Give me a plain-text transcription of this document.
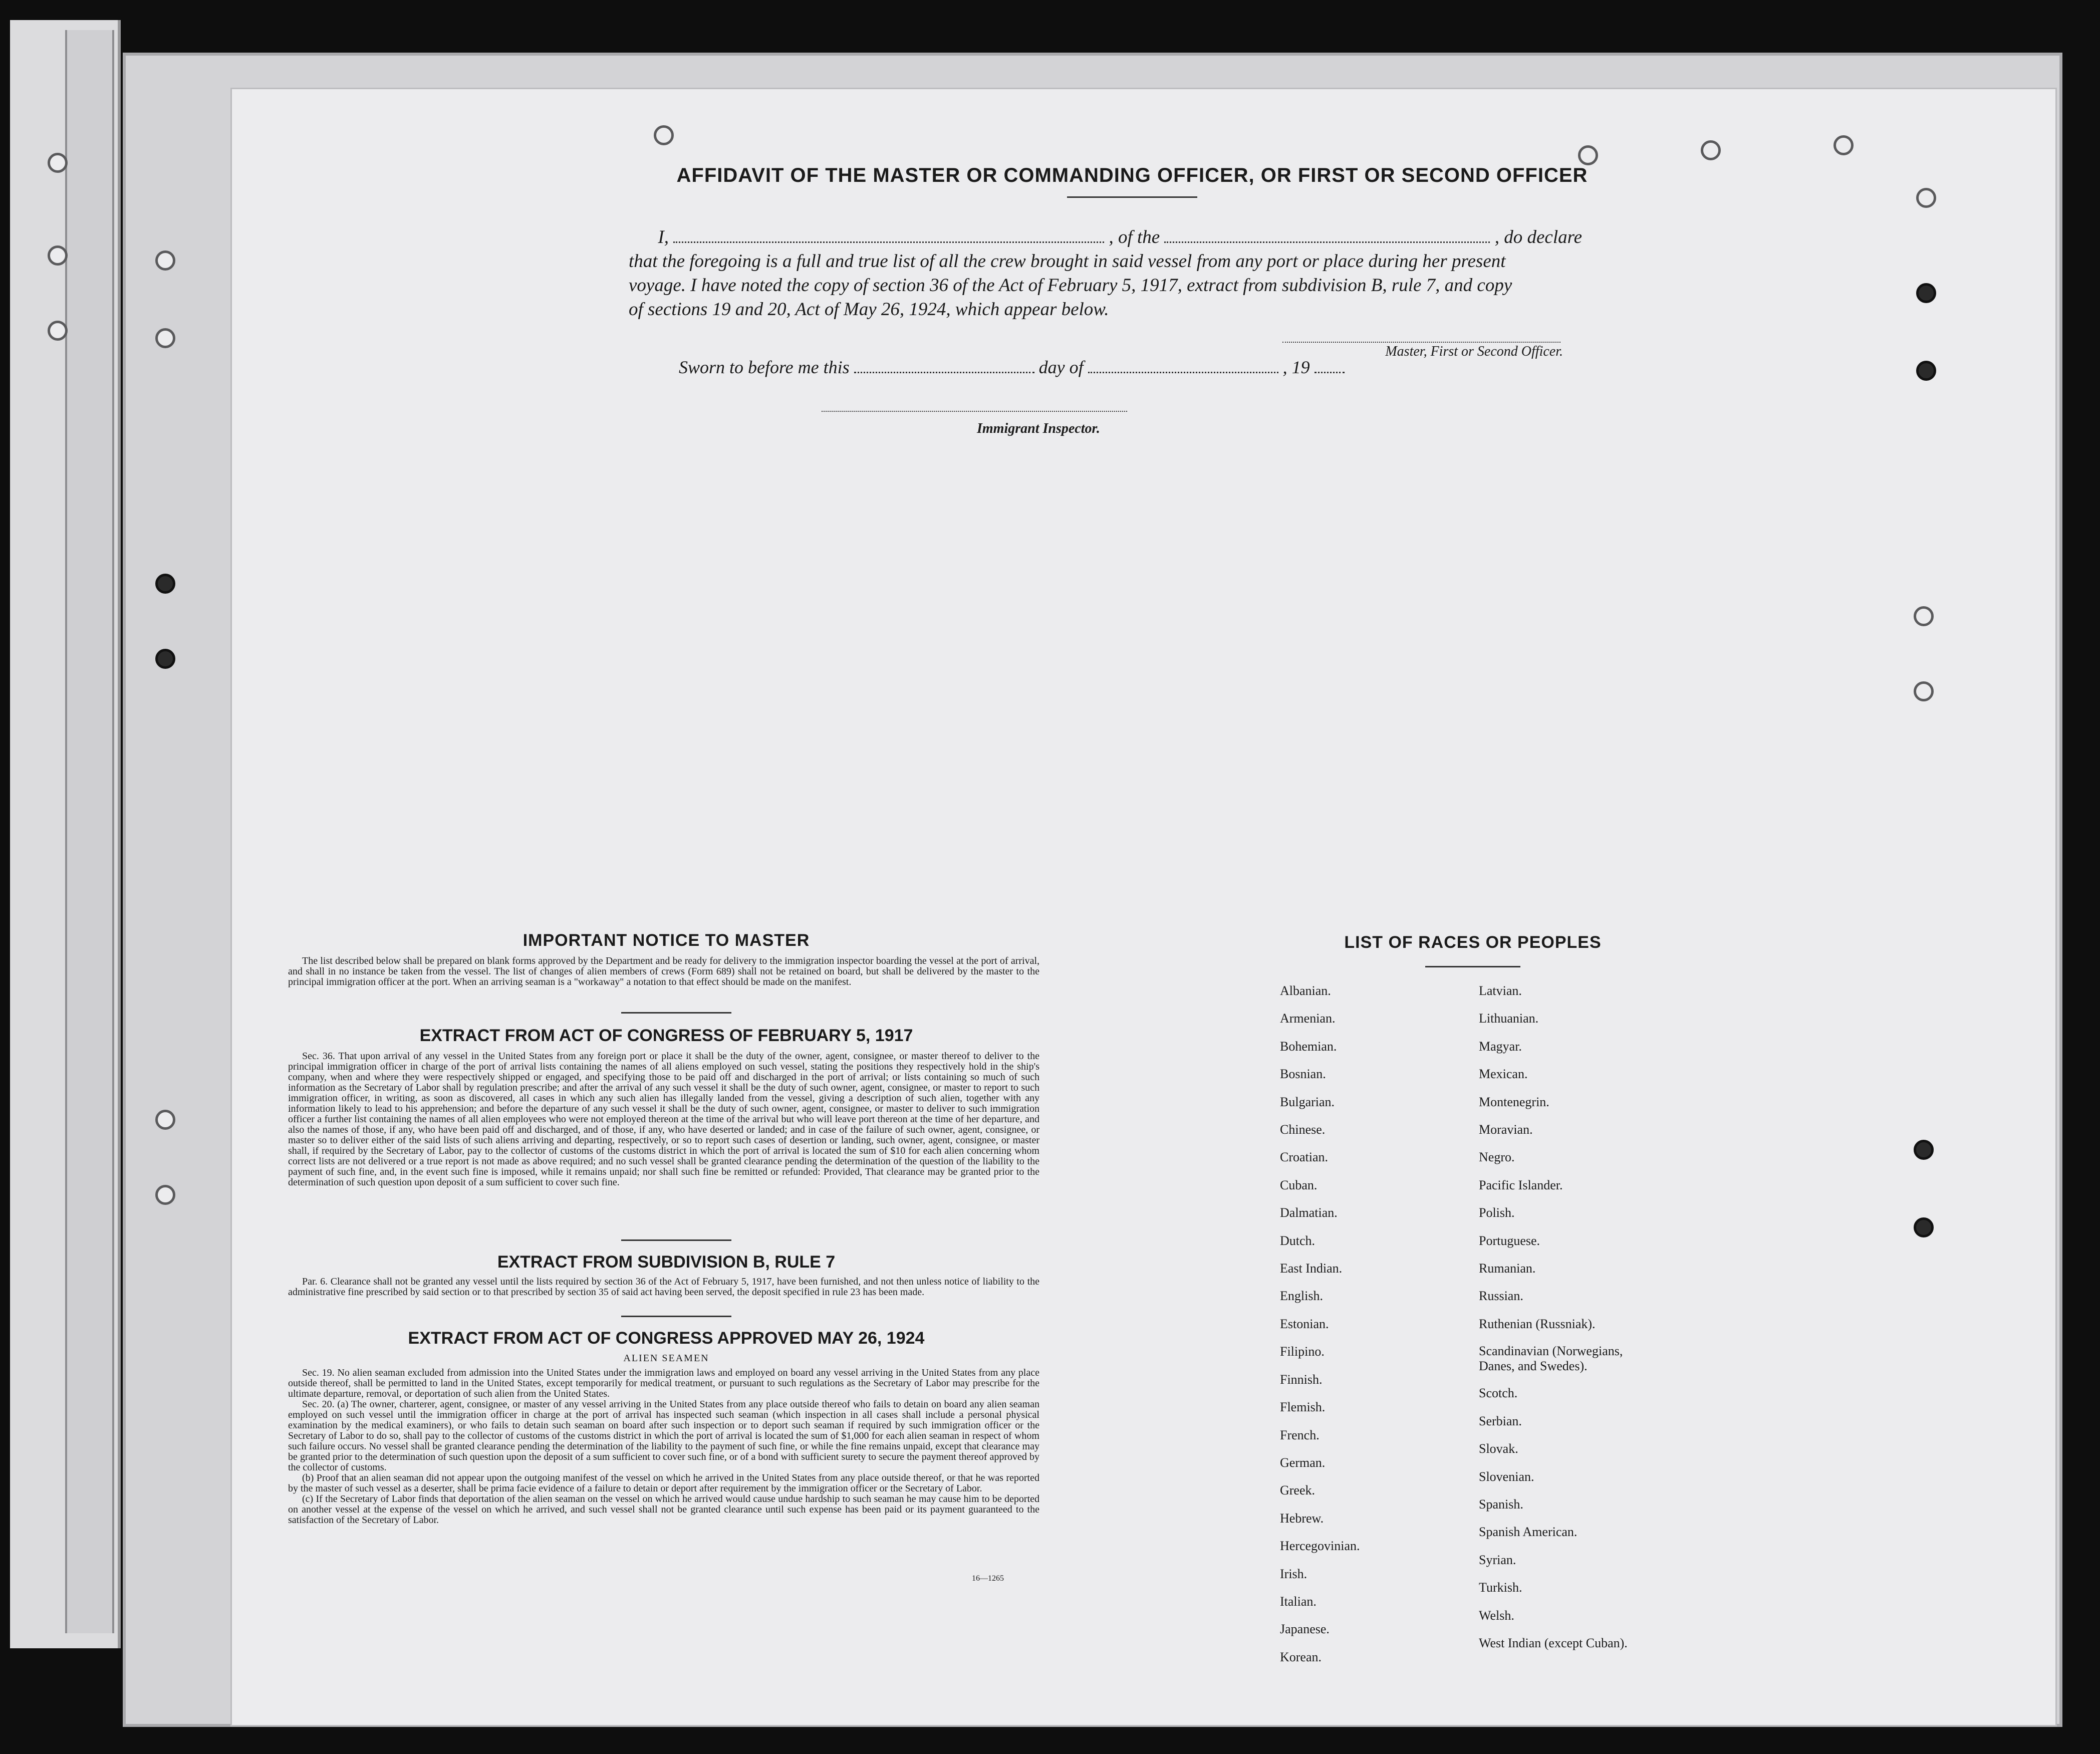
AFFIDAVIT OF THE MASTER OR COMMANDING OFFICER, OR FIRST OR SECOND OFFICER
I,	, of the	, do declare
that the foregoing is a full and true list of all the crew brought in said vessel from any port or place during her present
voyage. I have noted the copy of section 36 of the Act of February 5, 1917, extract from subdivision B, rule 7, and copy
of sections 19 and 20, Act of May 26, 1924, which appear below.
Master, First or Second Officer.
Sworn to before me this	day of	, 19
Immigrant Inspector.
IMPORTANT NOTICE TO MASTER

The list described below shall be prepared on blank forms approved by the Department and be ready for delivery to the immigration inspector boarding the vessel at the port of arrival, and shall in no instance be taken from the vessel. The list of changes of alien members of crews (Form 689) shall not be retained on board, but shall be delivered by the master to the principal immigration officer at the port. When an arriving seaman is a "workaway" a notation to that effect should be made on the manifest.

EXTRACT FROM ACT OF CONGRESS OF FEBRUARY 5, 1917

Sec. 36. That upon arrival of any vessel in the United States from any foreign port or place it shall be the duty of the owner, agent, consignee, or master thereof to deliver to the principal immigration officer in charge of the port of arrival lists containing the names of all aliens employed on such vessel, stating the positions they respectively hold in the ship's company, when and where they were respectively shipped or engaged, and specifying those to be paid off and discharged in the port of arrival; or lists containing so much of such information as the Secretary of Labor shall by regulation prescribe; and after the arrival of any such vessel it shall be the duty of such owner, agent, consignee, or master to report to such immigration officer, in writing, as soon as discovered, all cases in which any such alien has illegally landed from the vessel, giving a description of such alien, together with any information likely to lead to his apprehension; and before the departure of any such vessel it shall be the duty of such owner, agent, consignee, or master to deliver to such immigration officer a further list containing the names of all alien employees who were not employed thereon at the time of the arrival but who will leave port thereon at the time of her departure, and also the names of those, if any, who have been paid off and discharged, and of those, if any, who have deserted or landed; and in case of the failure of such owner, agent, consignee, or master so to deliver either of the said lists of such aliens arriving and departing, respectively, or so to report such cases of desertion or landing, such owner, agent, consignee, or master shall, if required by the Secretary of Labor, pay to the collector of customs of the customs district in which the port of arrival is located the sum of $10 for each alien concerning whom correct lists are not delivered or a true report is not made as above required; and no such vessel shall be granted clearance pending the determination of the question of the liability to the payment of such fine, and, in the event such fine is imposed, while it remains unpaid; nor shall such fine be remitted or refunded: Provided, That clearance may be granted prior to the determination of such question upon deposit of a sum sufficient to cover such fine.

EXTRACT FROM SUBDIVISION B, RULE 7

Par. 6. Clearance shall not be granted any vessel until the lists required by section 36 of the Act of February 5, 1917, have been furnished, and not then unless notice of liability to the administrative fine prescribed by said section or to that prescribed by section 35 of said act having been served, the deposit specified in rule 23 has been made.

EXTRACT FROM ACT OF CONGRESS APPROVED MAY 26, 1924
ALIEN SEAMEN

Sec. 19. No alien seaman excluded from admission into the United States under the immigration laws and employed on board any vessel arriving in the United States from any place outside thereof, shall be permitted to land in the United States, except temporarily for medical treatment, or pursuant to such regulations as the Secretary of Labor may prescribe for the ultimate departure, removal, or deportation of such alien from the United States.

Sec. 20. (a) The owner, charterer, agent, consignee, or master of any vessel arriving in the United States from any place outside thereof who fails to detain on board any alien seaman employed on such vessel until the immigration officer in charge at the port of arrival has inspected such seaman (which inspection in all cases shall include a personal physical examination by the medical examiners), or who fails to detain such seaman on board after such inspection or to deport such seaman if required by such immigration officer or the Secretary of Labor to do so, shall pay to the collector of customs of the customs district in which the port of arrival is located the sum of $1,000 for each alien seaman in respect of whom such failure occurs. No vessel shall be granted clearance pending the determination of the liability to the payment of such fine, or while the fine remains unpaid, except that clearance may be granted prior to the determination of such question upon the deposit of a sum sufficient to cover such fine, or of a bond with sufficient surety to secure the payment thereof approved by the collector of customs.

(b) Proof that an alien seaman did not appear upon the outgoing manifest of the vessel on which he arrived in the United States from any place outside thereof, or that he was reported by the master of such vessel as a deserter, shall be prima facie evidence of a failure to detain or deport after requirement by the immigration officer or the Secretary of Labor.

(c) If the Secretary of Labor finds that deportation of the alien seaman on the vessel on which he arrived would cause undue hardship to such seaman he may cause him to be deported on another vessel at the expense of the vessel on which he arrived, and such vessel shall not be granted clearance until such expense has been paid or its payment guaranteed to the satisfaction of the Secretary of Labor.

16—1265
LIST OF RACES OR PEOPLES
Albanian.
Armenian.
Bohemian.
Bosnian.
Bulgarian.
Chinese.
Croatian.
Cuban.
Dalmatian.
Dutch.
East Indian.
English.
Estonian.
Filipino.
Finnish.
Flemish.
French.
German.
Greek.
Hebrew.
Hercegovinian.
Irish.
Italian.
Japanese.
Korean.
Latvian.
Lithuanian.
Magyar.
Mexican.
Montenegrin.
Moravian.
Negro.
Pacific Islander.
Polish.
Portuguese.
Rumanian.
Russian.
Ruthenian (Russniak).
Scandinavian (Norwegians,
Danes, and Swedes).
Scotch.
Serbian.
Slovak.
Slovenian.
Spanish.
Spanish American.
Syrian.
Turkish.
Welsh.
West Indian (except Cuban).
